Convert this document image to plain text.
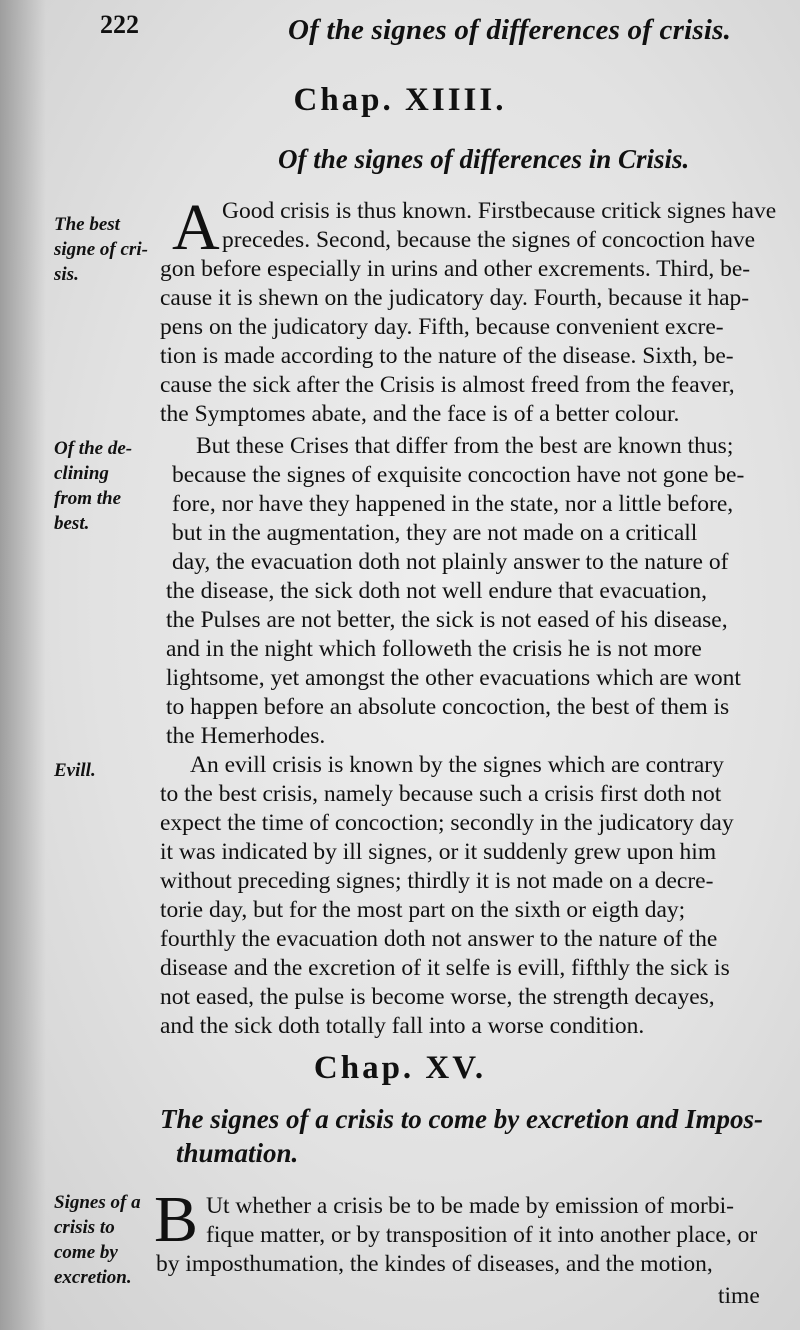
222	Of the signes of differences of crisis.
Chap. XIIII.
Of the signes of differences in Crisis.
The best
signe of cri-
sis.
A Good crisis is thus known. Firstbecause critick signes have
precedes. Second, because the signes of concoction have
gon before especially in urins and other excrements. Third, be-
cause it is shewn on the judicatory day. Fourth, because it hap-
pens on the judicatory day. Fifth, because convenient excre-
tion is made according to the nature of the disease. Sixth, be-
cause the sick after the Crisis is almost freed from the feaver,
the Symptomes abate, and the face is of a better colour.
Of the de-
clining
from the
best.
But these Crises that differ from the best are known thus;
because the signes of exquisite concoction have not gone be-
fore, nor have they happened in the state, nor a little before,
but in the augmentation, they are not made on a criticall
day, the evacuation doth not plainly answer to the nature of
the disease, the sick doth not well endure that evacuation,
the Pulses are not better, the sick is not eased of his disease,
and in the night which followeth the crisis he is not more
lightsome, yet amongst the other evacuations which are wont
to happen before an absolute concoction, the best of them is
the Hemerhodes.
Evill.	An evill crisis is known by the signes which are contrary
to the best crisis, namely because such a crisis first doth not
expect the time of concoction; secondly in the judicatory day
it was indicated by ill signes, or it suddenly grew upon him
without preceding signes; thirdly it is not made on a decre-
torie day, but for the most part on the sixth or eigth day;
fourthly the evacuation doth not answer to the nature of the
disease and the excretion of it selfe is evill, fifthly the sick is
not eased, the pulse is become worse, the strength decayes,
and the sick doth totally fall into a worse condition.
Chap. XV.
The signes of a crisis to come by excretion and Impos-
thumation.
Signes of a
crisis to
come by
excretion.
B Ut whether a crisis be to be made by emission of morbi-
fique matter, or by transposition of it into another place, or
by imposthumation, the kindes of diseases, and the motion,
time
